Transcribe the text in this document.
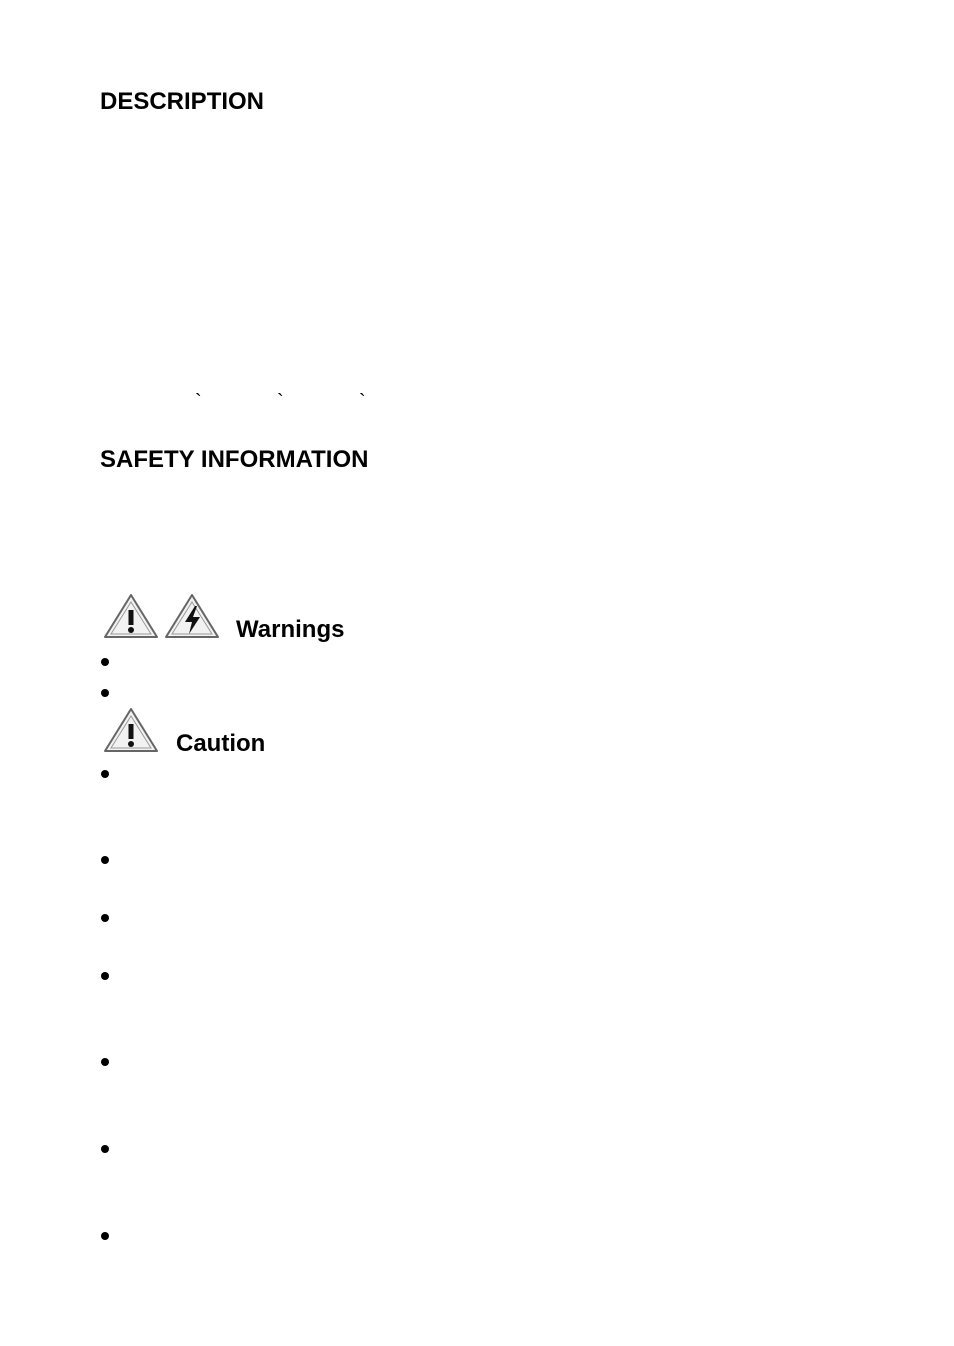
DESCRIPTION
`	`	`
SAFETY INFORMATION
Warnings
Caution
